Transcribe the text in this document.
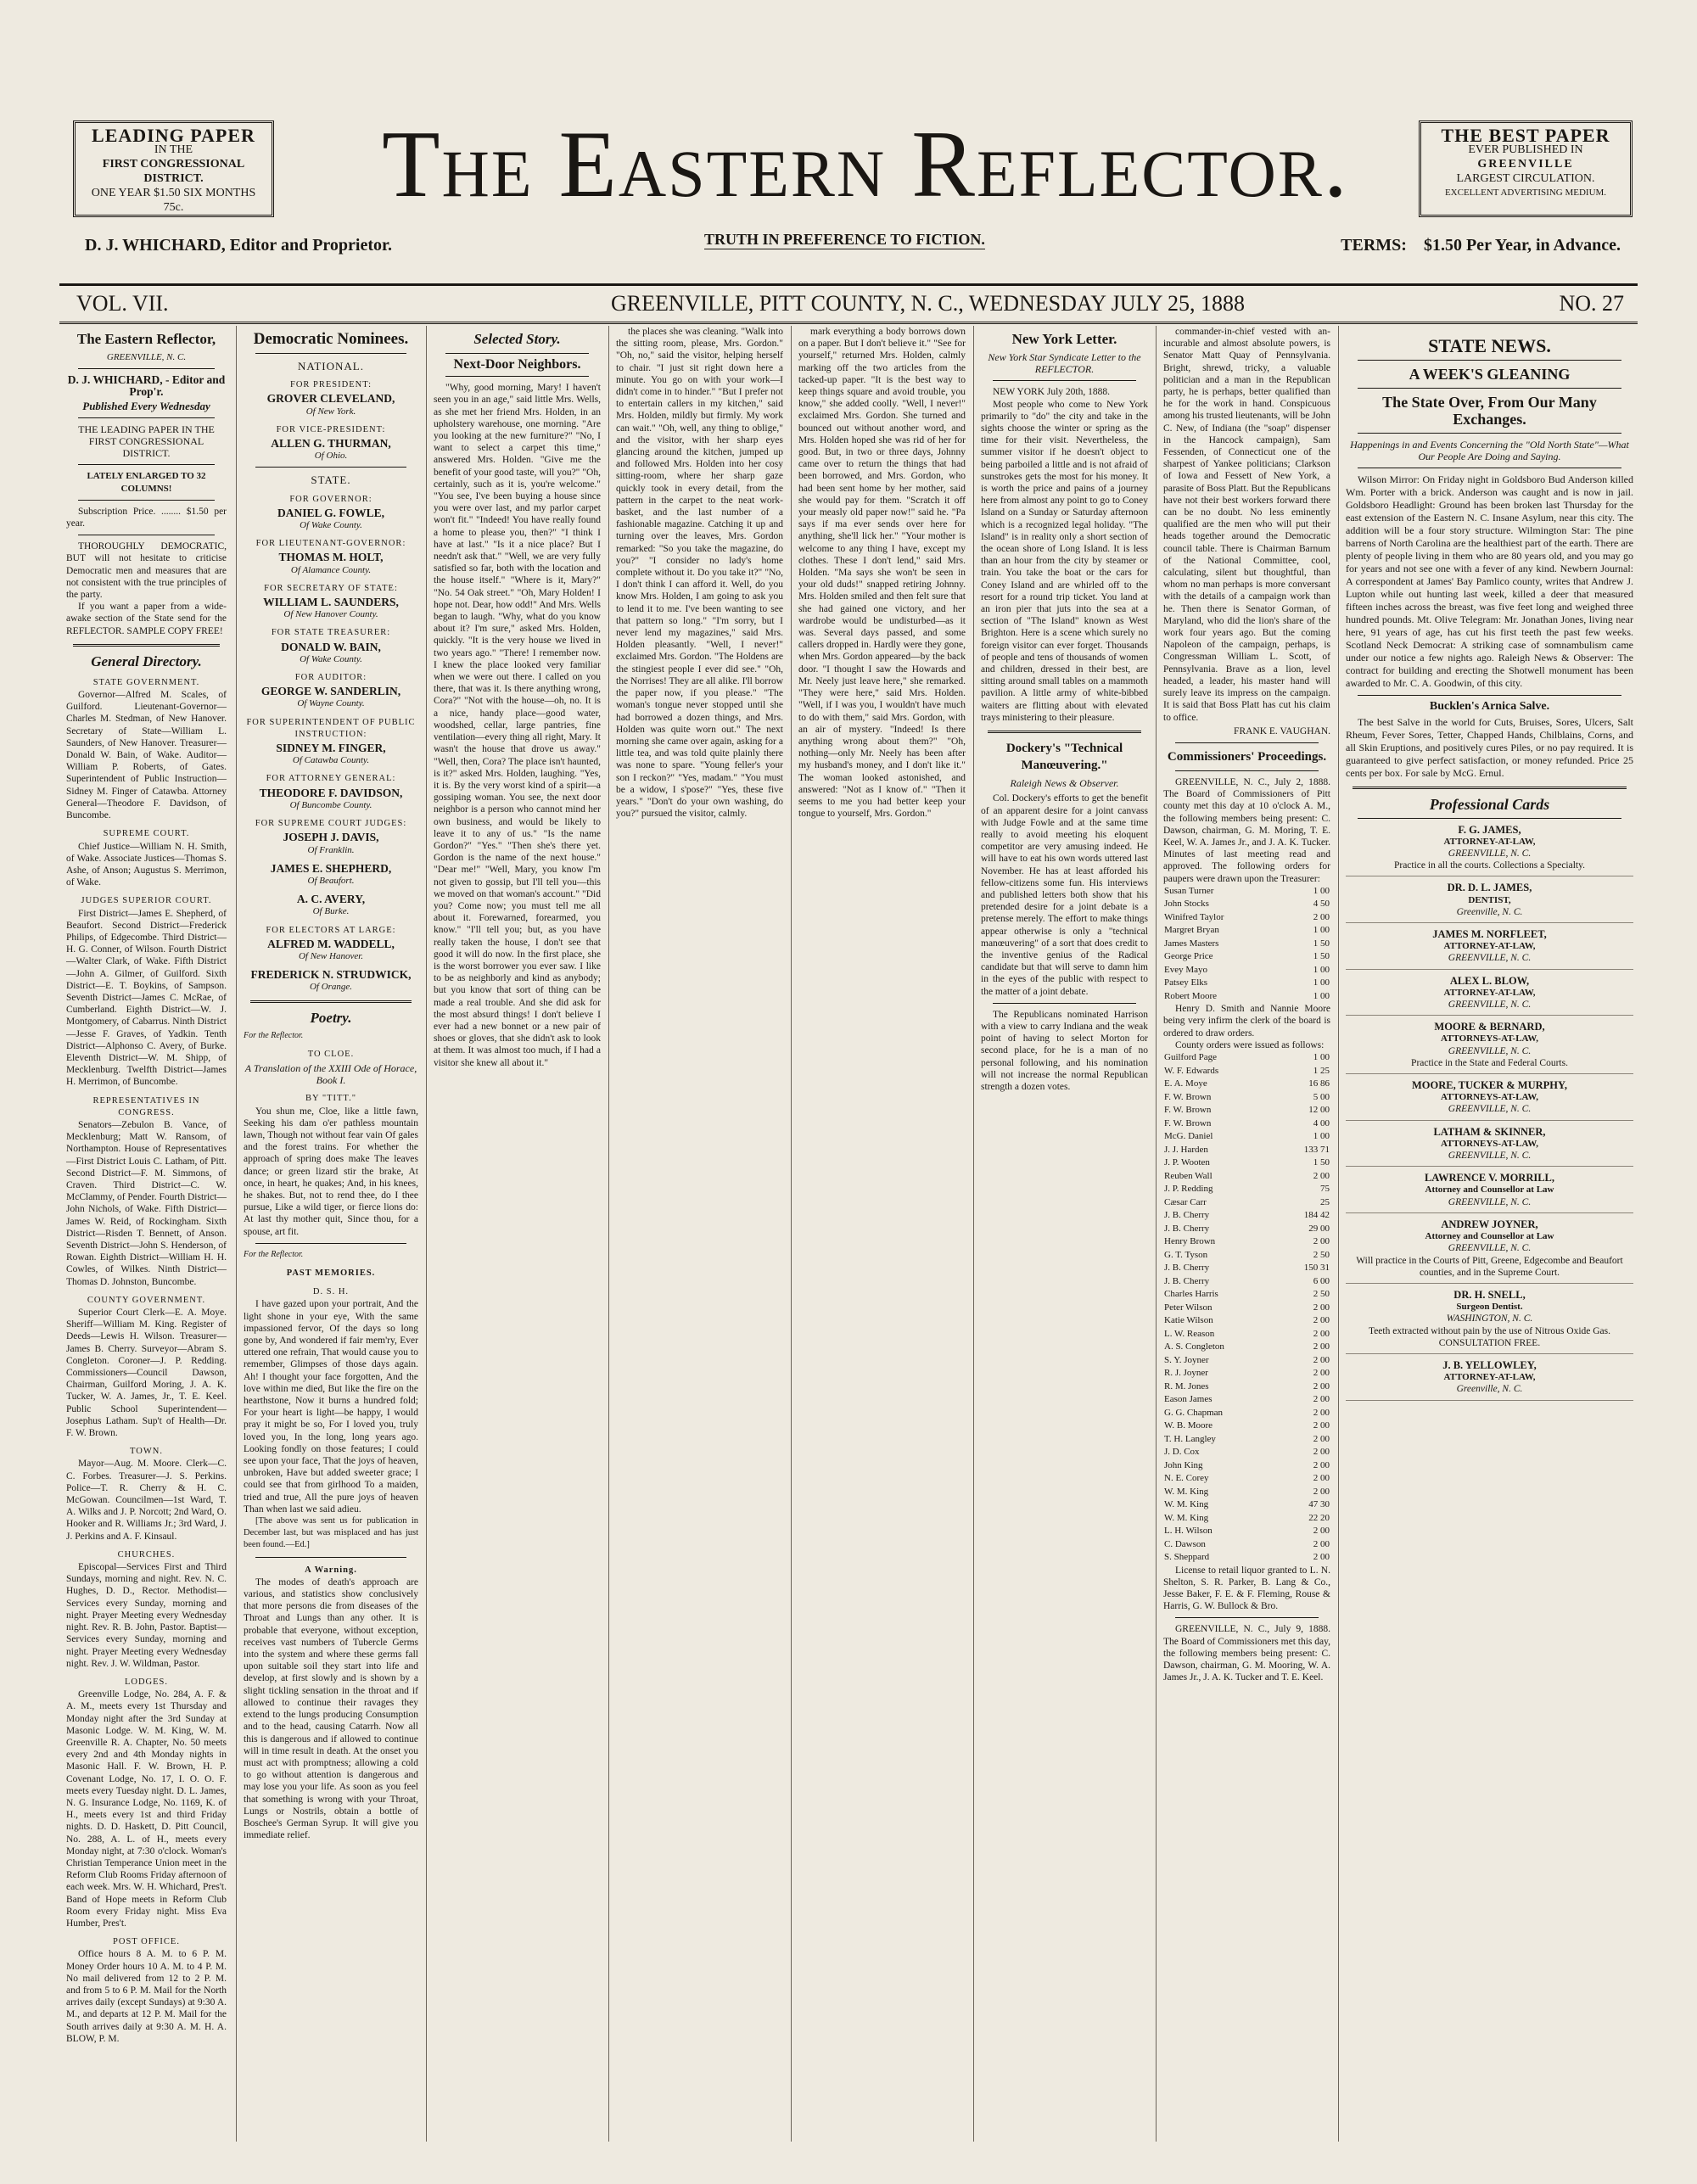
LEADING PAPER
IN THE
FIRST CONGRESSIONAL DISTRICT.
ONE YEAR $1.50 SIX MONTHS 75c.	The Eastern Reflector.	THE BEST PAPER
EVER PUBLISHED IN
GREENVILLE
LARGEST CIRCULATION.
EXCELLENT ADVERTISING MEDIUM.
D. J. WHICHARD, Editor and Proprietor.	TRUTH IN PREFERENCE TO FICTION.	TERMS: $1.50 Per Year, in Advance.
VOL. VII.	GREENVILLE, PITT COUNTY, N. C., WEDNESDAY JULY 25, 1888	NO. 27
The Eastern Reflector,
GREENVILLE, N. C.
D. J. WHICHARD, - Editor and Prop'r.
Published Every Wednesday
THE LEADING PAPER IN THE FIRST CONGRESSIONAL DISTRICT.
LATELY ENLARGED TO 32 COLUMNS!

Subscription Price. ........ $1.50 per year.

THOROUGHLY DEMOCRATIC, BUT will not hesitate to criticise Democratic men and measures that are not consistent with the true principles of the party.

If you want a paper from a wide-awake section of the State send for the REFLECTOR. SAMPLE COPY FREE!

General Directory.
STATE GOVERNMENT.

Governor—Alfred M. Scales, of Guilford. Lieutenant-Governor—Charles M. Stedman, of New Hanover. Secretary of State—William L. Saunders, of New Hanover. Treasurer—Donald W. Bain, of Wake. Auditor—William P. Roberts, of Gates. Superintendent of Public Instruction—Sidney M. Finger of Catawba. Attorney General—Theodore F. Davidson, of Buncombe.

SUPREME COURT.

Chief Justice—William N. H. Smith, of Wake. Associate Justices—Thomas S. Ashe, of Anson; Augustus S. Merrimon, of Wake.

JUDGES SUPERIOR COURT.

First District—James E. Shepherd, of Beaufort. Second District—Frederick Philips, of Edgecombe. Third District—H. G. Conner, of Wilson. Fourth District—Walter Clark, of Wake. Fifth District—John A. Gilmer, of Guilford. Sixth District—E. T. Boykins, of Sampson. Seventh District—James C. McRae, of Cumberland. Eighth District—W. J. Montgomery, of Cabarrus. Ninth District—Jesse F. Graves, of Yadkin. Tenth District—Alphonso C. Avery, of Burke. Eleventh District—W. M. Shipp, of Mecklenburg. Twelfth District—James H. Merrimon, of Buncombe.

REPRESENTATIVES IN CONGRESS.

Senators—Zebulon B. Vance, of Mecklenburg; Matt W. Ransom, of Northampton. House of Representatives—First District Louis C. Latham, of Pitt. Second District—F. M. Simmons, of Craven. Third District—C. W. McClammy, of Pender. Fourth District—John Nichols, of Wake. Fifth District—James W. Reid, of Rockingham. Sixth District—Risden T. Bennett, of Anson. Seventh District—John S. Henderson, of Rowan. Eighth District—William H. H. Cowles, of Wilkes. Ninth District—Thomas D. Johnston, Buncombe.

COUNTY GOVERNMENT.

Superior Court Clerk—E. A. Moye. Sheriff—William M. King. Register of Deeds—Lewis H. Wilson. Treasurer—James B. Cherry. Surveyor—Abram S. Congleton. Coroner—J. P. Redding. Commissioners—Council Dawson, Chairman, Guilford Moring, J. A. K. Tucker, W. A. James, Jr., T. E. Keel. Public School Superintendent—Josephus Latham. Sup't of Health—Dr. F. W. Brown.

TOWN.

Mayor—Aug. M. Moore. Clerk—C. C. Forbes. Treasurer—J. S. Perkins. Police—T. R. Cherry & H. C. McGowan. Councilmen—1st Ward, T. A. Wilks and J. P. Norcott; 2nd Ward, O. Hooker and R. Williams Jr.; 3rd Ward, J. J. Perkins and A. F. Kinsaul.

CHURCHES.

Episcopal—Services First and Third Sundays, morning and night. Rev. N. C. Hughes, D. D., Rector. Methodist—Services every Sunday, morning and night. Prayer Meeting every Wednesday night. Rev. R. B. John, Pastor. Baptist—Services every Sunday, morning and night. Prayer Meeting every Wednesday night. Rev. J. W. Wildman, Pastor.

LODGES.

Greenville Lodge, No. 284, A. F. & A. M., meets every 1st Thursday and Monday night after the 3rd Sunday at Masonic Lodge. W. M. King, W. M. Greenville R. A. Chapter, No. 50 meets every 2nd and 4th Monday nights in Masonic Hall. F. W. Brown, H. P. Covenant Lodge, No. 17, I. O. O. F. meets every Tuesday night. D. L. James, N. G. Insurance Lodge, No. 1169, K. of H., meets every 1st and third Friday nights. D. D. Haskett, D. Pitt Council, No. 288, A. L. of H., meets every Monday night, at 7:30 o'clock. Woman's Christian Temperance Union meet in the Reform Club Rooms Friday afternoon of each week. Mrs. W. H. Whichard, Pres't. Band of Hope meets in Reform Club Room every Friday night. Miss Eva Humber, Pres't.

POST OFFICE.

Office hours 8 A. M. to 6 P. M. Money Order hours 10 A. M. to 4 P. M. No mail delivered from 12 to 2 P. M. and from 5 to 6 P. M. Mail for the North arrives daily (except Sundays) at 9:30 A. M., and departs at 12 P. M. Mail for the South arrives daily at 9:30 A. M. H. A. BLOW, P. M.

Democratic Nominees.
NATIONAL.
FOR PRESIDENT:
GROVER CLEVELAND,
Of New York.
FOR VICE-PRESIDENT:
ALLEN G. THURMAN,
Of Ohio.
STATE.
FOR GOVERNOR:
DANIEL G. FOWLE,
Of Wake County.
FOR LIEUTENANT-GOVERNOR:
THOMAS M. HOLT,
Of Alamance County.
FOR SECRETARY OF STATE:
WILLIAM L. SAUNDERS,
Of New Hanover County.
FOR STATE TREASURER:
DONALD W. BAIN,
Of Wake County.
FOR AUDITOR:
GEORGE W. SANDERLIN,
Of Wayne County.
FOR SUPERINTENDENT OF PUBLIC INSTRUCTION:
SIDNEY M. FINGER,
Of Catawba County.
FOR ATTORNEY GENERAL:
THEODORE F. DAVIDSON,
Of Buncombe County.
FOR SUPREME COURT JUDGES:
JOSEPH J. DAVIS,
Of Franklin.
JAMES E. SHEPHERD,
Of Beaufort.
A. C. AVERY,
Of Burke.
FOR ELECTORS AT LARGE:
ALFRED M. WADDELL,
Of New Hanover.
FREDERICK N. STRUDWICK,
Of Orange.
Poetry.
For the Reflector.
TO CLOE.
A Translation of the XXIII Ode of Horace, Book I.
BY "TITT."

You shun me, Cloe, like a little fawn, Seeking his dam o'er pathless mountain lawn, Though not without fear vain Of gales and the forest trains. For whether the approach of spring does make The leaves dance; or green lizard stir the brake, At once, in heart, he quakes; And, in his knees, he shakes. But, not to rend thee, do I thee pursue, Like a wild tiger, or fierce lions do: At last thy mother quit, Since thou, for a spouse, art fit.

For the Reflector.
PAST MEMORIES.
D. S. H.

I have gazed upon your portrait, And the light shone in your eye, With the same impassioned fervor, Of the days so long gone by, And wondered if fair mem'ry, Ever uttered one refrain, That would cause you to remember, Glimpses of those days again. Ah! I thought your face forgotten, And the love within me died, But like the fire on the hearthstone, Now it burns a hundred fold; For your heart is light—be happy, I would pray it might be so, For I loved you, truly loved you, In the long, long years ago. Looking fondly on those features; I could see upon your face, That the joys of heaven, unbroken, Have but added sweeter grace; I could see that from girlhood To a maiden, tried and true, All the pure joys of heaven Than when last we said adieu.

[The above was sent us for publication in December last, but was misplaced and has just been found.—Ed.]

A Warning.

The modes of death's approach are various, and statistics show conclusively that more persons die from diseases of the Throat and Lungs than any other. It is probable that everyone, without exception, receives vast numbers of Tubercle Germs into the system and where these germs fall upon suitable soil they start into life and develop, at first slowly and is shown by a slight tickling sensation in the throat and if allowed to continue their ravages they extend to the lungs producing Consumption and to the head, causing Catarrh. Now all this is dangerous and if allowed to continue will in time result in death. At the onset you must act with promptness; allowing a cold to go without attention is dangerous and may lose you your life. As soon as you feel that something is wrong with your Throat, Lungs or Nostrils, obtain a bottle of Boschee's German Syrup. It will give you immediate relief.

Selected Story.
Next-Door Neighbors.

"Why, good morning, Mary! I haven't seen you in an age," said little Mrs. Wells, as she met her friend Mrs. Holden, in an upholstery warehouse, one morning. "Are you looking at the new furniture?" "No, I want to select a carpet this time," answered Mrs. Holden. "Give me the benefit of your good taste, will you?" "Oh, certainly, such as it is, you're welcome." "You see, I've been buying a house since you were over last, and my parlor carpet won't fit." "Indeed! You have really found a home to please you, then?" "I think I have at last." "Is it a nice place? But I needn't ask that." "Well, we are very fully satisfied so far, both with the location and the house itself." "Where is it, Mary?" "No. 54 Oak street." "Oh, Mary Holden! I hope not. Dear, how odd!" And Mrs. Wells began to laugh. "Why, what do you know about it? I'm sure," asked Mrs. Holden, quickly. "It is the very house we lived in two years ago." "There! I remember now. I knew the place looked very familiar when we were out there. I called on you there, that was it. Is there anything wrong, Cora?" "Not with the house—oh, no. It is a nice, handy place—good water, woodshed, cellar, large pantries, fine ventilation—every thing all right, Mary. It wasn't the house that drove us away." "Well, then, Cora? The place isn't haunted, is it?" asked Mrs. Holden, laughing. "Yes, it is. By the very worst kind of a spirit—a gossiping woman. You see, the next door neighbor is a person who cannot mind her own business, and would be likely to leave it to any of us." "Is the name Gordon?" "Yes." "Then she's there yet. Gordon is the name of the next house." "Dear me!" "Well, Mary, you know I'm not given to gossip, but I'll tell you—this we moved on that woman's account." "Did you? Come now; you must tell me all about it. Forewarned, forearmed, you know." "I'll tell you; but, as you have really taken the house, I don't see that good it will do now. In the first place, she is the worst borrower you ever saw. I like to be as neighborly and kind as anybody; but you know that sort of thing can be made a real trouble. And she did ask for the most absurd things! I don't believe I ever had a new bonnet or a new pair of shoes or gloves, that she didn't ask to look at them. It was almost too much, if I had a visitor she knew all about it."

the places she was cleaning. "Walk into the sitting room, please, Mrs. Gordon." "Oh, no," said the visitor, helping herself to chair. "I just sit right down here a minute. You go on with your work—I didn't come in to hinder." "But I prefer not to entertain callers in my kitchen," said Mrs. Holden, mildly but firmly. My work can wait." "Oh, well, any thing to oblige," and the visitor, with her sharp eyes glancing around the kitchen, jumped up and followed Mrs. Holden into her cosy sitting-room, where her sharp gaze quickly took in every detail, from the pattern in the carpet to the neat work-basket, and the last number of a fashionable magazine. Catching it up and turning over the leaves, Mrs. Gordon remarked: "So you take the magazine, do you?" "I consider no lady's home complete without it. Do you take it?" "No, I don't think I can afford it. Well, do you know Mrs. Holden, I am going to ask you to lend it to me. I've been wanting to see that pattern so long." "I'm sorry, but I never lend my magazines," said Mrs. Holden pleasantly. "Well, I never!" exclaimed Mrs. Gordon. "The Holdens are the stingiest people I ever did see." "Oh, the Norrises! They are all alike. I'll borrow the paper now, if you please." "The woman's tongue never stopped until she had borrowed a dozen things, and Mrs. Holden was quite worn out." The next morning she came over again, asking for a little tea, and was told quite plainly there was none to spare. "Young feller's your son I reckon?" "Yes, madam." "You must be a widow, I s'pose?" "Yes, these five years." "Don't do your own washing, do you?" pursued the visitor, calmly.

mark everything a body borrows down on a paper. But I don't believe it." "See for yourself," returned Mrs. Holden, calmly marking off the two articles from the tacked-up paper. "It is the best way to keep things square and avoid trouble, you know," she added coolly. "Well, I never!" exclaimed Mrs. Gordon. She turned and bounced out without another word, and Mrs. Holden hoped she was rid of her for good. But, in two or three days, Johnny came over to return the things that had been borrowed, and Mrs. Gordon, who had been sent home by her mother, said she would pay for them. "Scratch it off your measly old paper now!" said he. "Pa says if ma ever sends over here for anything, she'll lick her." "Your mother is welcome to any thing I have, except my clothes. These I don't lend," said Mrs. Holden. "Ma says she won't be seen in your old duds!" snapped retiring Johnny. Mrs. Holden smiled and then felt sure that she had gained one victory, and her wardrobe would be undisturbed—as it was. Several days passed, and some callers dropped in. Hardly were they gone, when Mrs. Gordon appeared—by the back door. "I thought I saw the Howards and Mr. Neely just leave here," she remarked. "They were here," said Mrs. Holden. "Well, if I was you, I wouldn't have much to do with them," said Mrs. Gordon, with an air of mystery. "Indeed! Is there anything wrong about them?" "Oh, nothing—only Mr. Neely has been after my husband's money, and I don't like it." The woman looked astonished, and answered: "Not as I know of." "Then it seems to me you had better keep your tongue to yourself, Mrs. Gordon."

New York Letter.
New York Star Syndicate Letter to the REFLECTOR.

NEW YORK July 20th, 1888.

Most people who come to New York primarily to "do" the city and take in the sights choose the winter or spring as the time for their visit. Nevertheless, the summer visitor if he doesn't object to being parboiled a little and is not afraid of sunstrokes gets the most for his money. It is worth the price and pains of a journey here from almost any point to go to Coney Island on a Sunday or Saturday afternoon which is a recognized legal holiday. "The Island" is in reality only a short section of the ocean shore of Long Island. It is less than an hour from the city by steamer or train. You take the boat or the cars for Coney Island and are whirled off to the resort for a round trip ticket. You land at an iron pier that juts into the sea at a section of "The Island" known as West Brighton. Here is a scene which surely no foreign visitor can ever forget. Thousands of people and tens of thousands of women and children, dressed in their best, are sitting around small tables on a mammoth pavilion. A little army of white-bibbed waiters are flitting about with elevated trays ministering to their pleasure.

Dockery's "Technical Manœuvering."
Raleigh News & Observer.

Col. Dockery's efforts to get the benefit of an apparent desire for a joint canvass with Judge Fowle and at the same time really to avoid meeting his eloquent competitor are very amusing indeed. He will have to eat his own words uttered last November. He has at least afforded his fellow-citizens some fun. His interviews and published letters both show that his pretended desire for a joint debate is a pretense merely. The effort to make things appear otherwise is only a "technical manœuvering" of a sort that does credit to the inventive genius of the Radical candidate but that will serve to damn him in the eyes of the public with respect to the matter of a joint debate.

The Republicans nominated Harrison with a view to carry Indiana and the weak point of having to select Morton for second place, for he is a man of no personal following, and his nomination will not increase the normal Republican strength a dozen votes.

commander-in-chief vested with an- incurable and almost absolute powers, is Senator Matt Quay of Pennsylvania. Bright, shrewd, tricky, a valuable politician and a man in the Republican party, he is perhaps, better qualified than he for the work in hand. Conspicuous among his trusted lieutenants, will be John C. New, of Indiana (the "soap" dispenser in the Hancock campaign), Sam Fessenden, of Connecticut one of the sharpest of Yankee politicians; Clarkson of Iowa and Fessett of New York, a parasite of Boss Platt. But the Republicans have not their best workers forward there can be no doubt. No less eminently qualified are the men who will put their heads together around the Democratic council table. There is Chairman Barnum of the National Committee, cool, calculating, silent but thoughtful, than whom no man perhaps is more conversant with the details of a campaign work than he. Then there is Senator Gorman, of Maryland, who did the lion's share of the work four years ago. But the coming Napoleon of the campaign, perhaps, is Congressman William L. Scott, of Pennsylvania. Brave as a lion, level headed, a leader, his master hand will surely leave its impress on the campaign. It is said that Boss Platt has cut his claim to office.

FRANK E. VAUGHAN.

Commissioners' Proceedings.

GREENVILLE, N. C., July 2, 1888. The Board of Commissioners of Pitt county met this day at 10 o'clock A. M., the following members being present: C. Dawson, chairman, G. M. Moring, T. E. Keel, W. A. James Jr., and J. A. K. Tucker. Minutes of last meeting read and approved. The following orders for paupers were drawn upon the Treasurer:

Susan Turner	1 00
John Stocks	4 50
Winifred Taylor	2 00
Margret Bryan	1 00
James Masters	1 50
George Price	1 50
Evey Mayo	1 00
Patsey Elks	1 00
Robert Moore	1 00

Henry D. Smith and Nannie Moore being very infirm the clerk of the board is ordered to draw orders.

County orders were issued as follows:

Guilford Page	1 00
W. F. Edwards	1 25
E. A. Moye	16 86
F. W. Brown	5 00
F. W. Brown	12 00
F. W. Brown	4 00
McG. Daniel	1 00
J. J. Harden	133 71
J. P. Wooten	1 50
Reuben Wall	2 00
J. P. Redding	75
Cæsar Carr	25
J. B. Cherry	184 42
J. B. Cherry	29 00
Henry Brown	2 00
G. T. Tyson	2 50
J. B. Cherry	150 31
J. B. Cherry	6 00
Charles Harris	2 50
Peter Wilson	2 00
Katie Wilson	2 00
L. W. Reason	2 00
A. S. Congleton	2 00
S. Y. Joyner	2 00
R. J. Joyner	2 00
R. M. Jones	2 00
Eason James	2 00
G. G. Chapman	2 00
W. B. Moore	2 00
T. H. Langley	2 00
J. D. Cox	2 00
John King	2 00
N. E. Corey	2 00
W. M. King	2 00
W. M. King	47 30
W. M. King	22 20
L. H. Wilson	2 00
C. Dawson	2 00
S. Sheppard	2 00

License to retail liquor granted to L. N. Shelton, S. R. Parker, B. Lang & Co., Jesse Baker, F. E. & F. Fleming, Rouse & Harris, G. W. Bullock & Bro.

GREENVILLE, N. C., July 9, 1888. The Board of Commissioners met this day, the following members being present: C. Dawson, chairman, G. M. Mooring, W. A. James Jr., J. A. K. Tucker and T. E. Keel.

STATE NEWS.
A WEEK'S GLEANING
The State Over, From Our Many Exchanges.
Happenings in and Events Concerning the "Old North State"—What Our People Are Doing and Saying.

Wilson Mirror: On Friday night in Goldsboro Bud Anderson killed Wm. Porter with a brick. Anderson was caught and is now in jail. Goldsboro Headlight: Ground has been broken last Thursday for the east extension of the Eastern N. C. Insane Asylum, near this city. The addition will be a four story structure. Wilmington Star: The pine barrens of North Carolina are the healthiest part of the earth. There are plenty of people living in them who are 80 years old, and you may go for years and not see one with a fever of any kind. Newbern Journal: A correspondent at James' Bay Pamlico county, writes that Andrew J. Lupton while out hunting last week, killed a deer that measured fifteen inches across the breast, was five feet long and weighed three hundred pounds. Mt. Olive Telegram: Mr. Jonathan Jones, living near here, 91 years of age, has cut his first teeth the past few weeks. Scotland Neck Democrat: A striking case of somnambulism came under our notice a few nights ago. Raleigh News & Observer: The contract for building and erecting the Shotwell monument has been awarded to Mr. C. A. Goodwin, of this city.

Bucklen's Arnica Salve.

The best Salve in the world for Cuts, Bruises, Sores, Ulcers, Salt Rheum, Fever Sores, Tetter, Chapped Hands, Chilblains, Corns, and all Skin Eruptions, and positively cures Piles, or no pay required. It is guaranteed to give perfect satisfaction, or money refunded. Price 25 cents per box. For sale by McG. Ernul.

Professional Cards
F. G. JAMES,
ATTORNEY-AT-LAW,
GREENVILLE, N. C.
Practice in all the courts. Collections a Specialty.
DR. D. L. JAMES,
DENTIST,
Greenville, N. C.
JAMES M. NORFLEET,
ATTORNEY-AT-LAW,
GREENVILLE, N. C.
ALEX L. BLOW,
ATTORNEY-AT-LAW,
GREENVILLE, N. C.
MOORE & BERNARD,
ATTORNEYS-AT-LAW,
GREENVILLE, N. C.
Practice in the State and Federal Courts.
MOORE, TUCKER & MURPHY,
ATTORNEYS-AT-LAW,
GREENVILLE, N. C.
LATHAM & SKINNER,
ATTORNEYS-AT-LAW,
GREENVILLE, N. C.
LAWRENCE V. MORRILL,
Attorney and Counsellor at Law
GREENVILLE, N. C.
ANDREW JOYNER,
Attorney and Counsellor at Law
GREENVILLE, N. C.
Will practice in the Courts of Pitt, Greene, Edgecombe and Beaufort counties, and in the Supreme Court.
DR. H. SNELL,
Surgeon Dentist.
WASHINGTON, N. C.
Teeth extracted without pain by the use of Nitrous Oxide Gas. CONSULTATION FREE.
J. B. YELLOWLEY,
ATTORNEY-AT-LAW,
Greenville, N. C.
